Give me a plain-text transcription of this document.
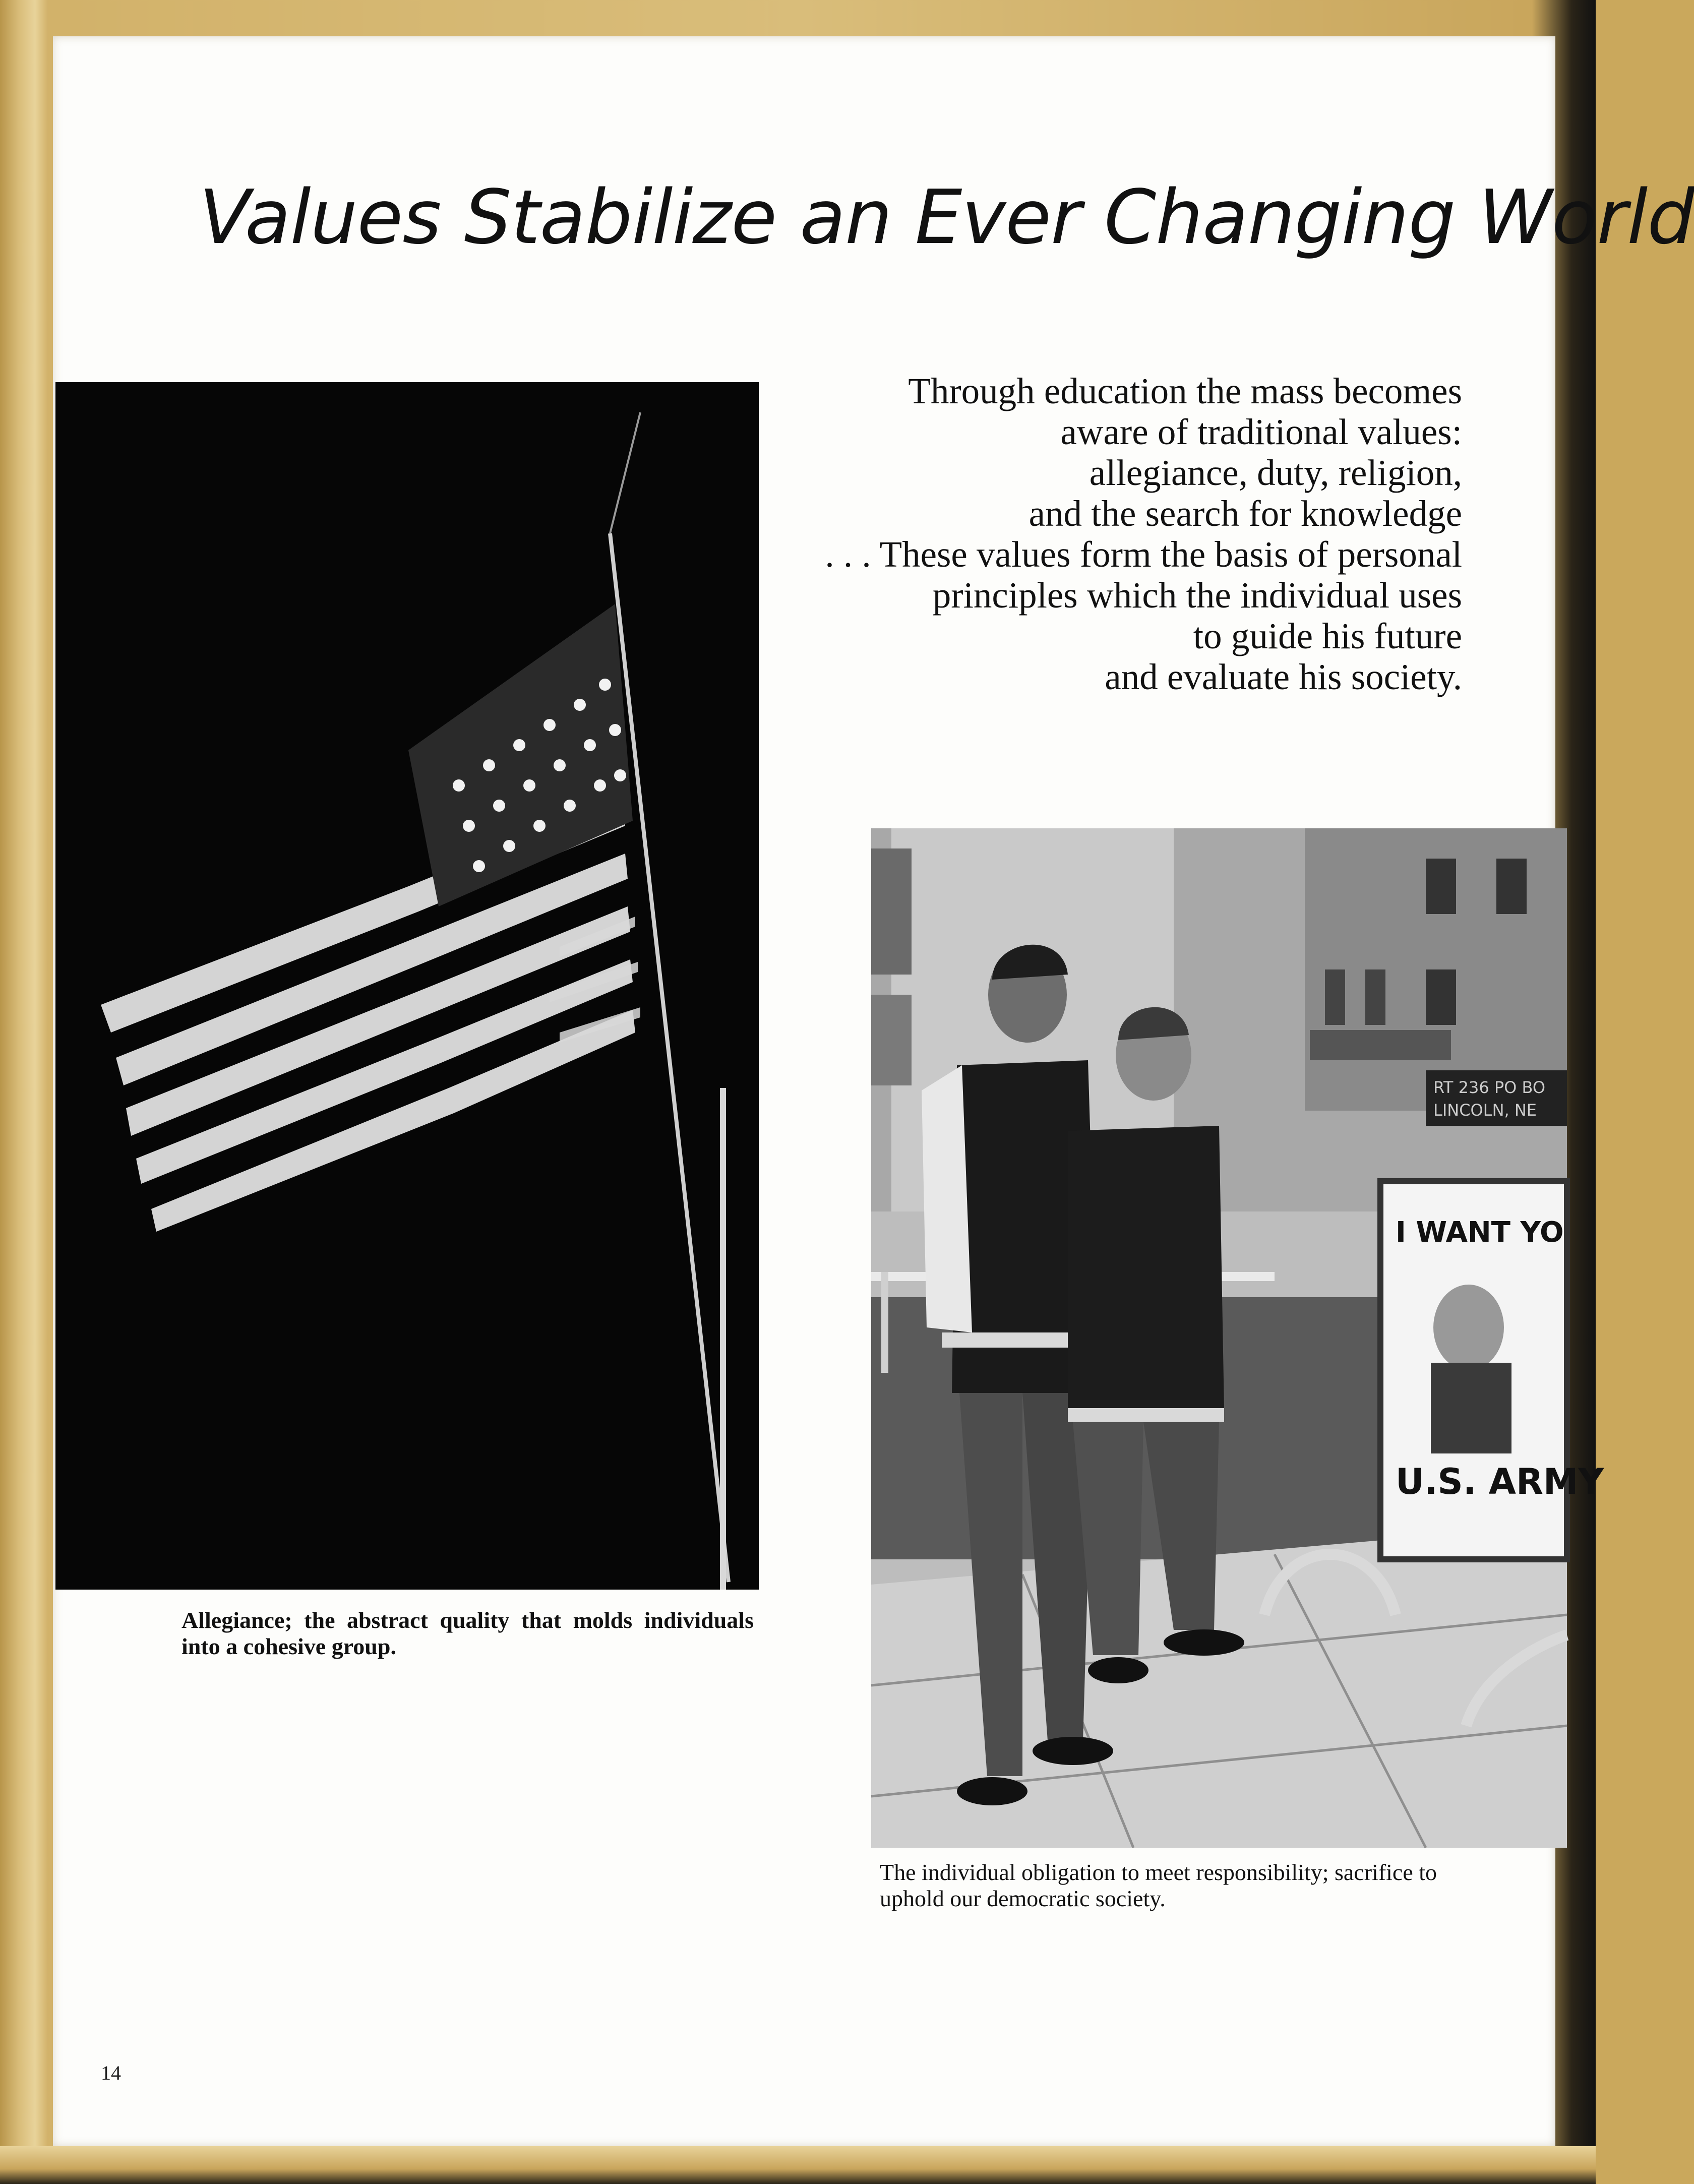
Values Stabilize an Ever Changing World
Through education the mass becomes
aware of traditional values:
allegiance, duty, religion,
and the search for knowledge
. . . These values form the basis of personal
principles which the individual uses
to guide his future
and evaluate his society.
Allegiance; the abstract quality that molds individuals into a cohesive group.
RT 236 PO BO
LINCOLN, NE
I WANT YO
U.S. ARMY
The individual obligation to meet responsibility; sacrifice to uphold our democratic society.
14
